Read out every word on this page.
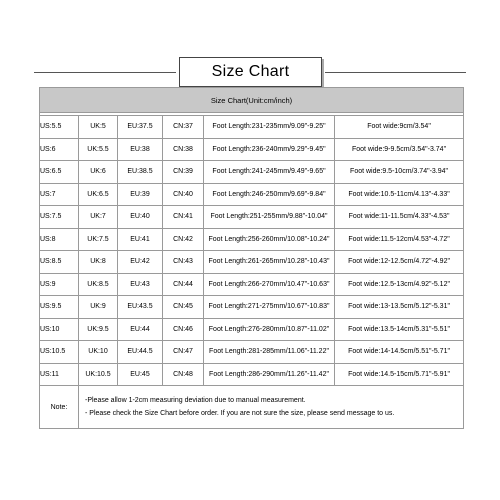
Size Chart
Size Chart(Unit:cm/inch)					

US:5.5	UK:5	EU:37.5	CN:37	Foot Length:231-235mm/9.09"-9.25"	Foot wide:9cm/3.54"
US:6	UK:5.5	EU:38	CN:38	Foot Length:236-240mm/9.29"-9.45"	Foot wide:9-9.5cm/3.54"-3.74"
US:6.5	UK:6	EU:38.5	CN:39	Foot Length:241-245mm/9.49"-9.65"	Foot wide:9.5-10cm/3.74"-3.94"
US:7	UK:6.5	EU:39	CN:40	Foot Length:246-250mm/9.69"-9.84"	Foot wide:10.5-11cm/4.13"-4.33"
US:7.5	UK:7	EU:40	CN:41	Foot Length:251-255mm/9.88"-10.04"	Foot wide:11-11.5cm/4.33"-4.53"
US:8	UK:7.5	EU:41	CN:42	Foot Length:256-260mm/10.08"-10.24"	Foot wide:11.5-12cm/4.53"-4.72"
US:8.5	UK:8	EU:42	CN:43	Foot Length:261-265mm/10.28"-10.43"	Foot wide:12-12.5cm/4.72"-4.92"
US:9	UK:8.5	EU:43	CN:44	Foot Length:266-270mm/10.47"-10.63"	Foot wide:12.5-13cm/4.92"-5.12"
US:9.5	UK:9	EU:43.5	CN:45	Foot Length:271-275mm/10.67"-10.83"	Foot wide:13-13.5cm/5.12"-5.31"
US:10	UK:9.5	EU:44	CN:46	Foot Length:276-280mm/10.87"-11.02"	Foot wide:13.5-14cm/5.31"-5.51"
US:10.5	UK:10	EU:44.5	CN:47	Foot Length:281-285mm/11.06"-11.22"	Foot wide:14-14.5cm/5.51"-5.71"
US:11	UK:10.5	EU:45	CN:48	Foot Length:286-290mm/11.26"-11.42"	Foot wide:14.5-15cm/5.71"-5.91"
Note:	-Please allow 1-2cm measuring deviation due to manual measurement.
- Please check the Size Chart before order. If you are not sure the size, please send message to us.				
